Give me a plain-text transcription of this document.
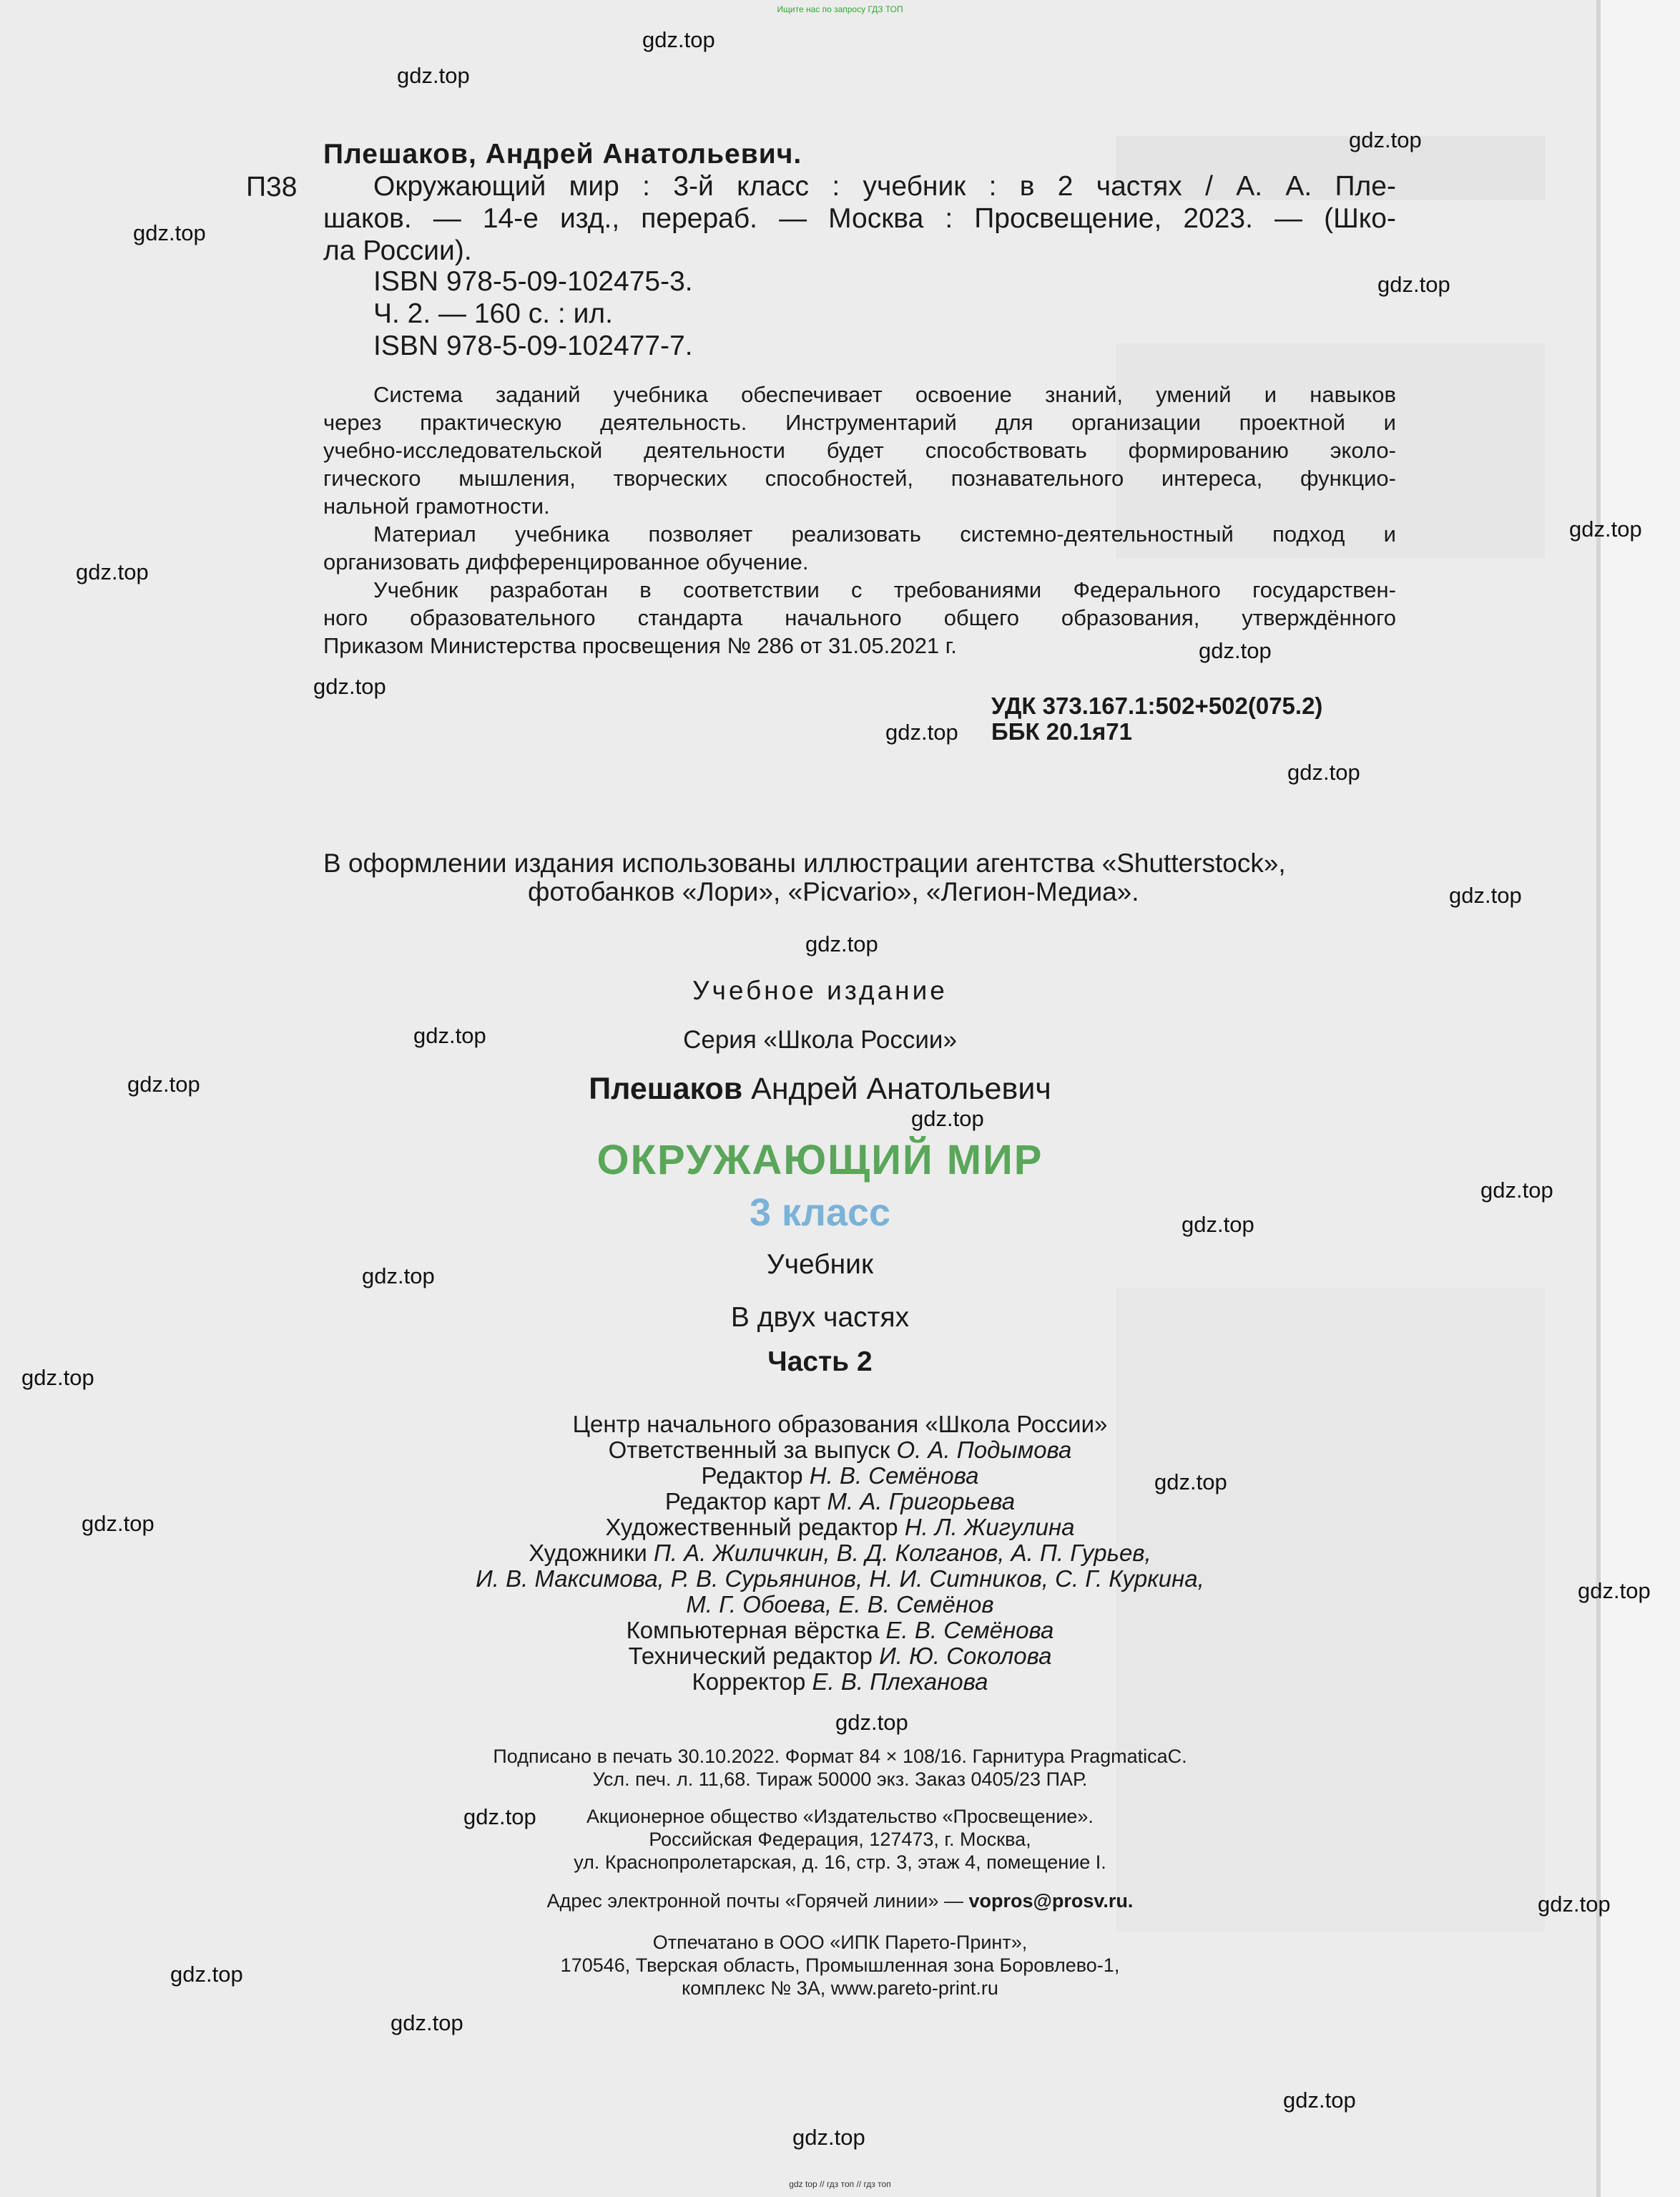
Ищите нас по запросу ГДЗ ТОП
Плешаков, Андрей Анатольевич.
П38	Окружающий мир : 3-й класс : учебник : в 2 частях / А. А. Пле-
шаков. — 14-е изд., перераб. — Москва : Просвещение, 2023. — (Шко-
ла России).
ISBN 978-5-09-102475-3.
Ч. 2. — 160 с. : ил.
ISBN 978-5-09-102477-7.
Система заданий учебника обеспечивает освоение знаний, умений и навыков
через практическую деятельность. Инструментарий для организации проектной и
учебно-исследовательской деятельности будет способствовать формированию эколо-
гического мышления, творческих способностей, познавательного интереса, функцио-
нальной грамотности.
Материал учебника позволяет реализовать системно-деятельностный подход и
организовать дифференцированное обучение.
Учебник разработан в соответствии с требованиями Федерального государствен-
ного образовательного стандарта начального общего образования, утверждённого
Приказом Министерства просвещения № 286 от 31.05.2021 г.
УДК 373.167.1:502+502(075.2)
ББК 20.1я71
В оформлении издания использованы иллюстрации агентства «Shutterstock»,
фотобанков «Лори», «Picvario», «Легион-Медиа».
Учебное издание
Серия «Школа России»
Плешаков Андрей Анатольевич
ОКРУЖАЮЩИЙ МИР
3 класс
Учебник
В двух частях
Часть 2
Центр начального образования «Школа России»
Ответственный за выпуск О. А. Подымова
Редактор Н. В. Семёнова
Редактор карт М. А. Григорьева
Художественный редактор Н. Л. Жигулина
Художники П. А. Жиличкин, В. Д. Колганов, А. П. Гурьев,
И. В. Максимова, Р. В. Сурьянинов, Н. И. Ситников, С. Г. Куркина,
М. Г. Обоева, Е. В. Семёнов
Компьютерная вёрстка Е. В. Семёнова
Технический редактор И. Ю. Соколова
Корректор Е. В. Плеханова
Подписано в печать 30.10.2022. Формат 84 × 108/16. Гарнитура PragmaticaC.
Усл. печ. л. 11,68. Тираж 50000 экз. Заказ 0405/23 ПАР.
Акционерное общество «Издательство «Просвещение».
Российская Федерация, 127473, г. Москва,
ул. Краснопролетарская, д. 16, стр. 3, этаж 4, помещение I.
Адрес электронной почты «Горячей линии» — vopros@prosv.ru.
Отпечатано в ООО «ИПК Парето-Принт»,
170546, Тверская область, Промышленная зона Боровлево-1,
комплекс № 3А, www.pareto-print.ru
gdz.top
gdz.top
gdz.top
gdz.top
gdz.top
gdz.top
gdz.top
gdz.top
gdz.top
gdz.top
gdz.top
gdz.top
gdz.top
gdz.top
gdz.top
gdz.top
gdz.top
gdz.top
gdz.top
gdz.top
gdz.top
gdz.top
gdz.top
gdz.top
gdz.top
gdz.top
gdz.top
gdz.top
gdz.top
gdz.top
gdz top // гдз топ // гдз топ
